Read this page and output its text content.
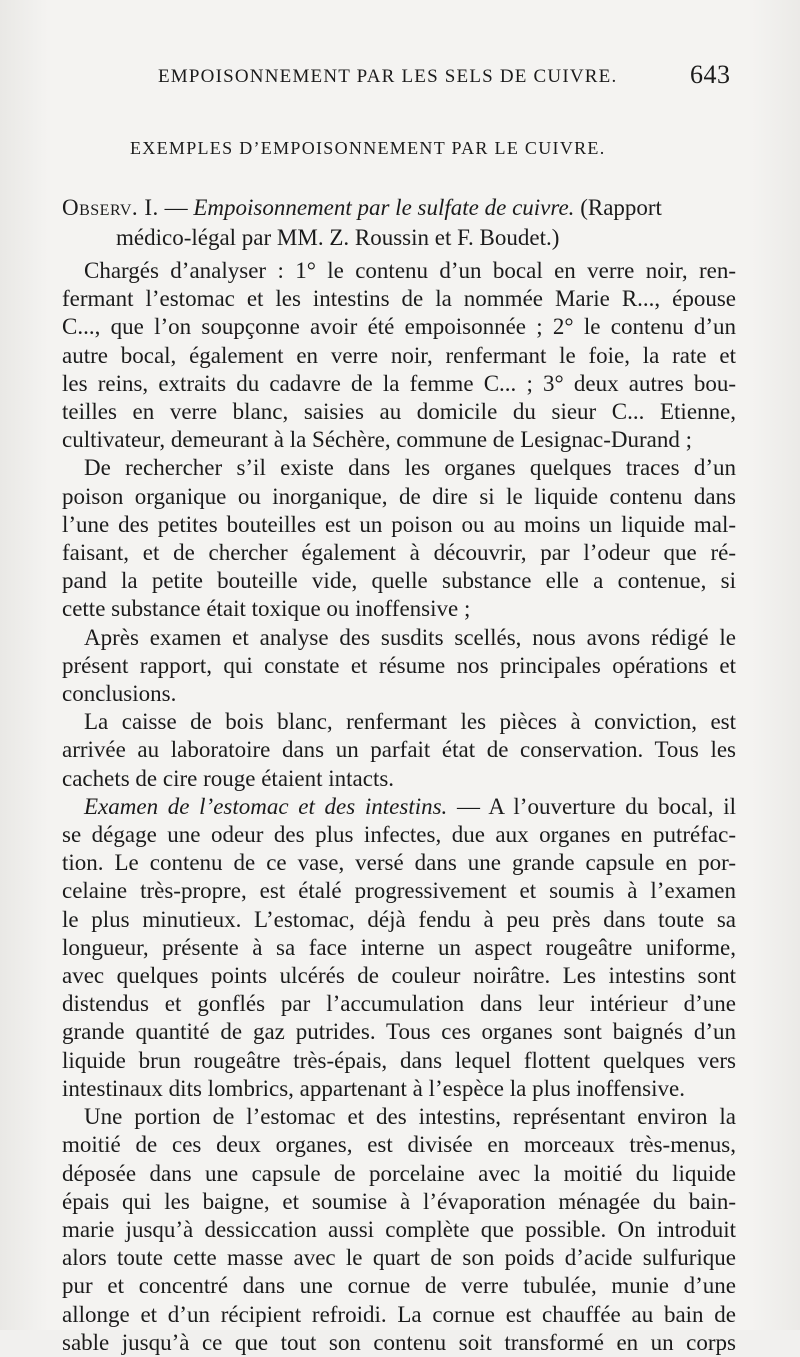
EMPOISONNEMENT PAR LES SELS DE CUIVRE.	643
EXEMPLES D’EMPOISONNEMENT PAR LE CUIVRE.
Observ. I. — Empoisonnement par le sulfate de cuivre. (Rapport
médico-légal par MM. Z. Roussin et F. Boudet.)
Chargés d’analyser : 1° le contenu d’un bocal en verre noir, ren-
fermant l’estomac et les intestins de la nommée Marie R..., épouse
C..., que l’on soupçonne avoir été empoisonnée ; 2° le contenu d’un
autre bocal, également en verre noir, renfermant le foie, la rate et
les reins, extraits du cadavre de la femme C... ; 3° deux autres bou-
teilles en verre blanc, saisies au domicile du sieur C... Etienne,
cultivateur, demeurant à la Séchère, commune de Lesignac-Durand ;
De rechercher s’il existe dans les organes quelques traces d’un
poison organique ou inorganique, de dire si le liquide contenu dans
l’une des petites bouteilles est un poison ou au moins un liquide mal-
faisant, et de chercher également à découvrir, par l’odeur que ré-
pand la petite bouteille vide, quelle substance elle a contenue, si
cette substance était toxique ou inoffensive ;
Après examen et analyse des susdits scellés, nous avons rédigé le
présent rapport, qui constate et résume nos principales opérations et
conclusions.
La caisse de bois blanc, renfermant les pièces à conviction, est
arrivée au laboratoire dans un parfait état de conservation. Tous les
cachets de cire rouge étaient intacts.
Examen de l’estomac et des intestins. — A l’ouverture du bocal, il
se dégage une odeur des plus infectes, due aux organes en putréfac-
tion. Le contenu de ce vase, versé dans une grande capsule en por-
celaine très-propre, est étalé progressivement et soumis à l’examen
le plus minutieux. L’estomac, déjà fendu à peu près dans toute sa
longueur, présente à sa face interne un aspect rougeâtre uniforme,
avec quelques points ulcérés de couleur noirâtre. Les intestins sont
distendus et gonflés par l’accumulation dans leur intérieur d’une
grande quantité de gaz putrides. Tous ces organes sont baignés d’un
liquide brun rougeâtre très-épais, dans lequel flottent quelques vers
intestinaux dits lombrics, appartenant à l’espèce la plus inoffensive.
Une portion de l’estomac et des intestins, représentant environ la
moitié de ces deux organes, est divisée en morceaux très-menus,
déposée dans une capsule de porcelaine avec la moitié du liquide
épais qui les baigne, et soumise à l’évaporation ménagée du bain-
marie jusqu’à dessiccation aussi complète que possible. On introduit
alors toute cette masse avec le quart de son poids d’acide sulfurique
pur et concentré dans une cornue de verre tubulée, munie d’une
allonge et d’un récipient refroidi. La cornue est chauffée au bain de
sable jusqu’à ce que tout son contenu soit transformé en un corps
